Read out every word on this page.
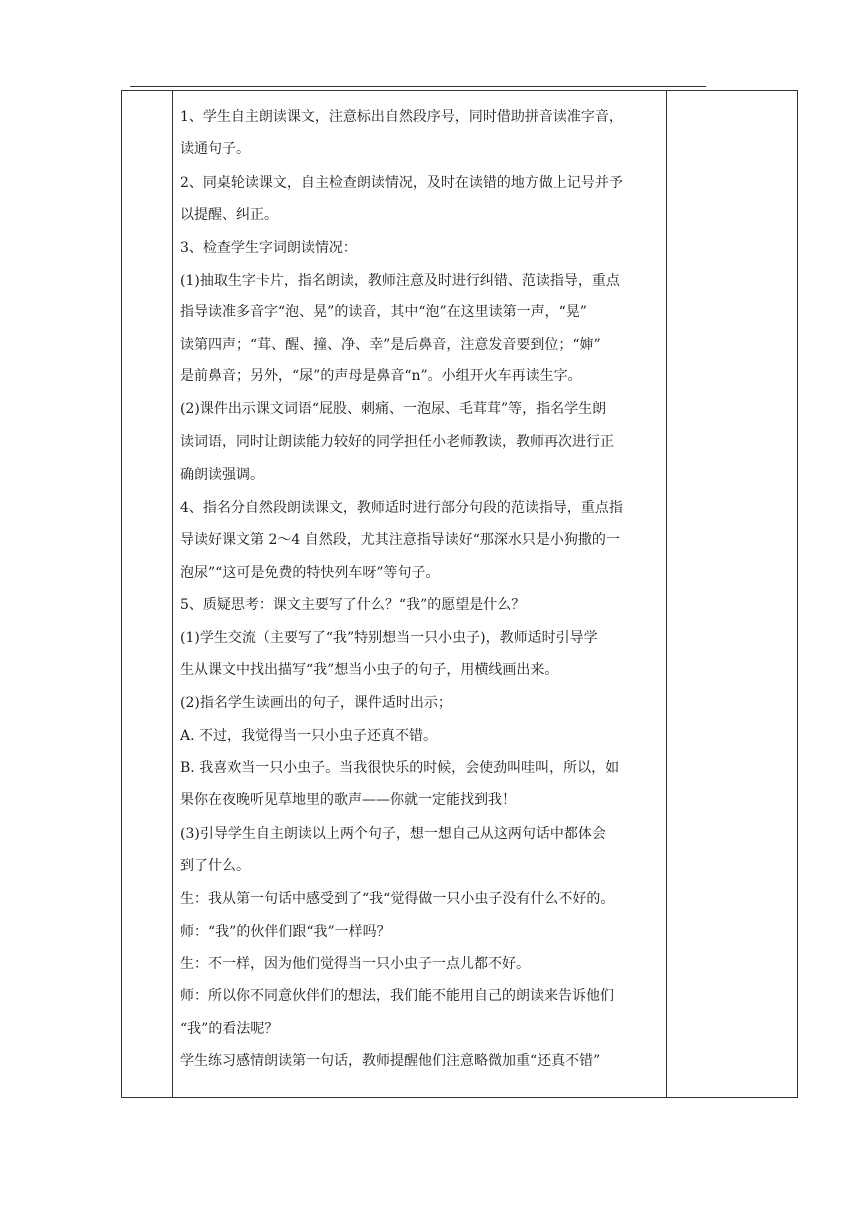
1、学生自主朗读课文，注意标出自然段序号，同时借助拼音读准字音，
读通句子。
2、同桌轮读课文，自主检查朗读情况，及时在读错的地方做上记号并予
以提醒、纠正。
3、检查学生字词朗读情况：
(1)抽取生字卡片，指名朗读，教师注意及时进行纠错、范读指导，重点
指导读准多音字“泡、晃”的读音，其中“泡”在这里读第一声，“晃”
读第四声；“茸、醒、撞、净、幸”是后鼻音，注意发音要到位；“婶”
是前鼻音；另外，“尿”的声母是鼻音“n”。小组开火车再读生字。
(2)课件出示课文词语“屁股、刺痛、一泡尿、毛茸茸”等，指名学生朗
读词语，同时让朗读能力较好的同学担任小老师教读，教师再次进行正
确朗读强调。
4、指名分自然段朗读课文，教师适时进行部分句段的范读指导，重点指
导读好课文第 2～4 自然段，尤其注意指导读好“那深水只是小狗撒的一
泡尿”“这可是免费的特快列车呀”等句子。
5、质疑思考：课文主要写了什么？“我”的愿望是什么？
(1)学生交流（主要写了“我”特别想当一只小虫子)，教师适时引导学
生从课文中找出描写“我”想当小虫子的句子，用横线画出来。
(2)指名学生读画出的句子，课件适时出示；
A. 不过，我觉得当一只小虫子还真不错。
B. 我喜欢当一只小虫子。当我很快乐的时候，会使劲叫哇叫，所以，如
果你在夜晚听见草地里的歌声——你就一定能找到我！
(3)引导学生自主朗读以上两个句子，想一想自己从这两句话中都体会
到了什么。
生：我从第一句话中感受到了“我“觉得做一只小虫子没有什么不好的。
师：“我”的伙伴们跟“我”一样吗？
生：不一样，因为他们觉得当一只小虫子一点儿都不好。
师：所以你不同意伙伴们的想法，我们能不能用自己的朗读来告诉他们
“我”的看法呢？
学生练习感情朗读第一句话，教师提醒他们注意略微加重“还真不错”
